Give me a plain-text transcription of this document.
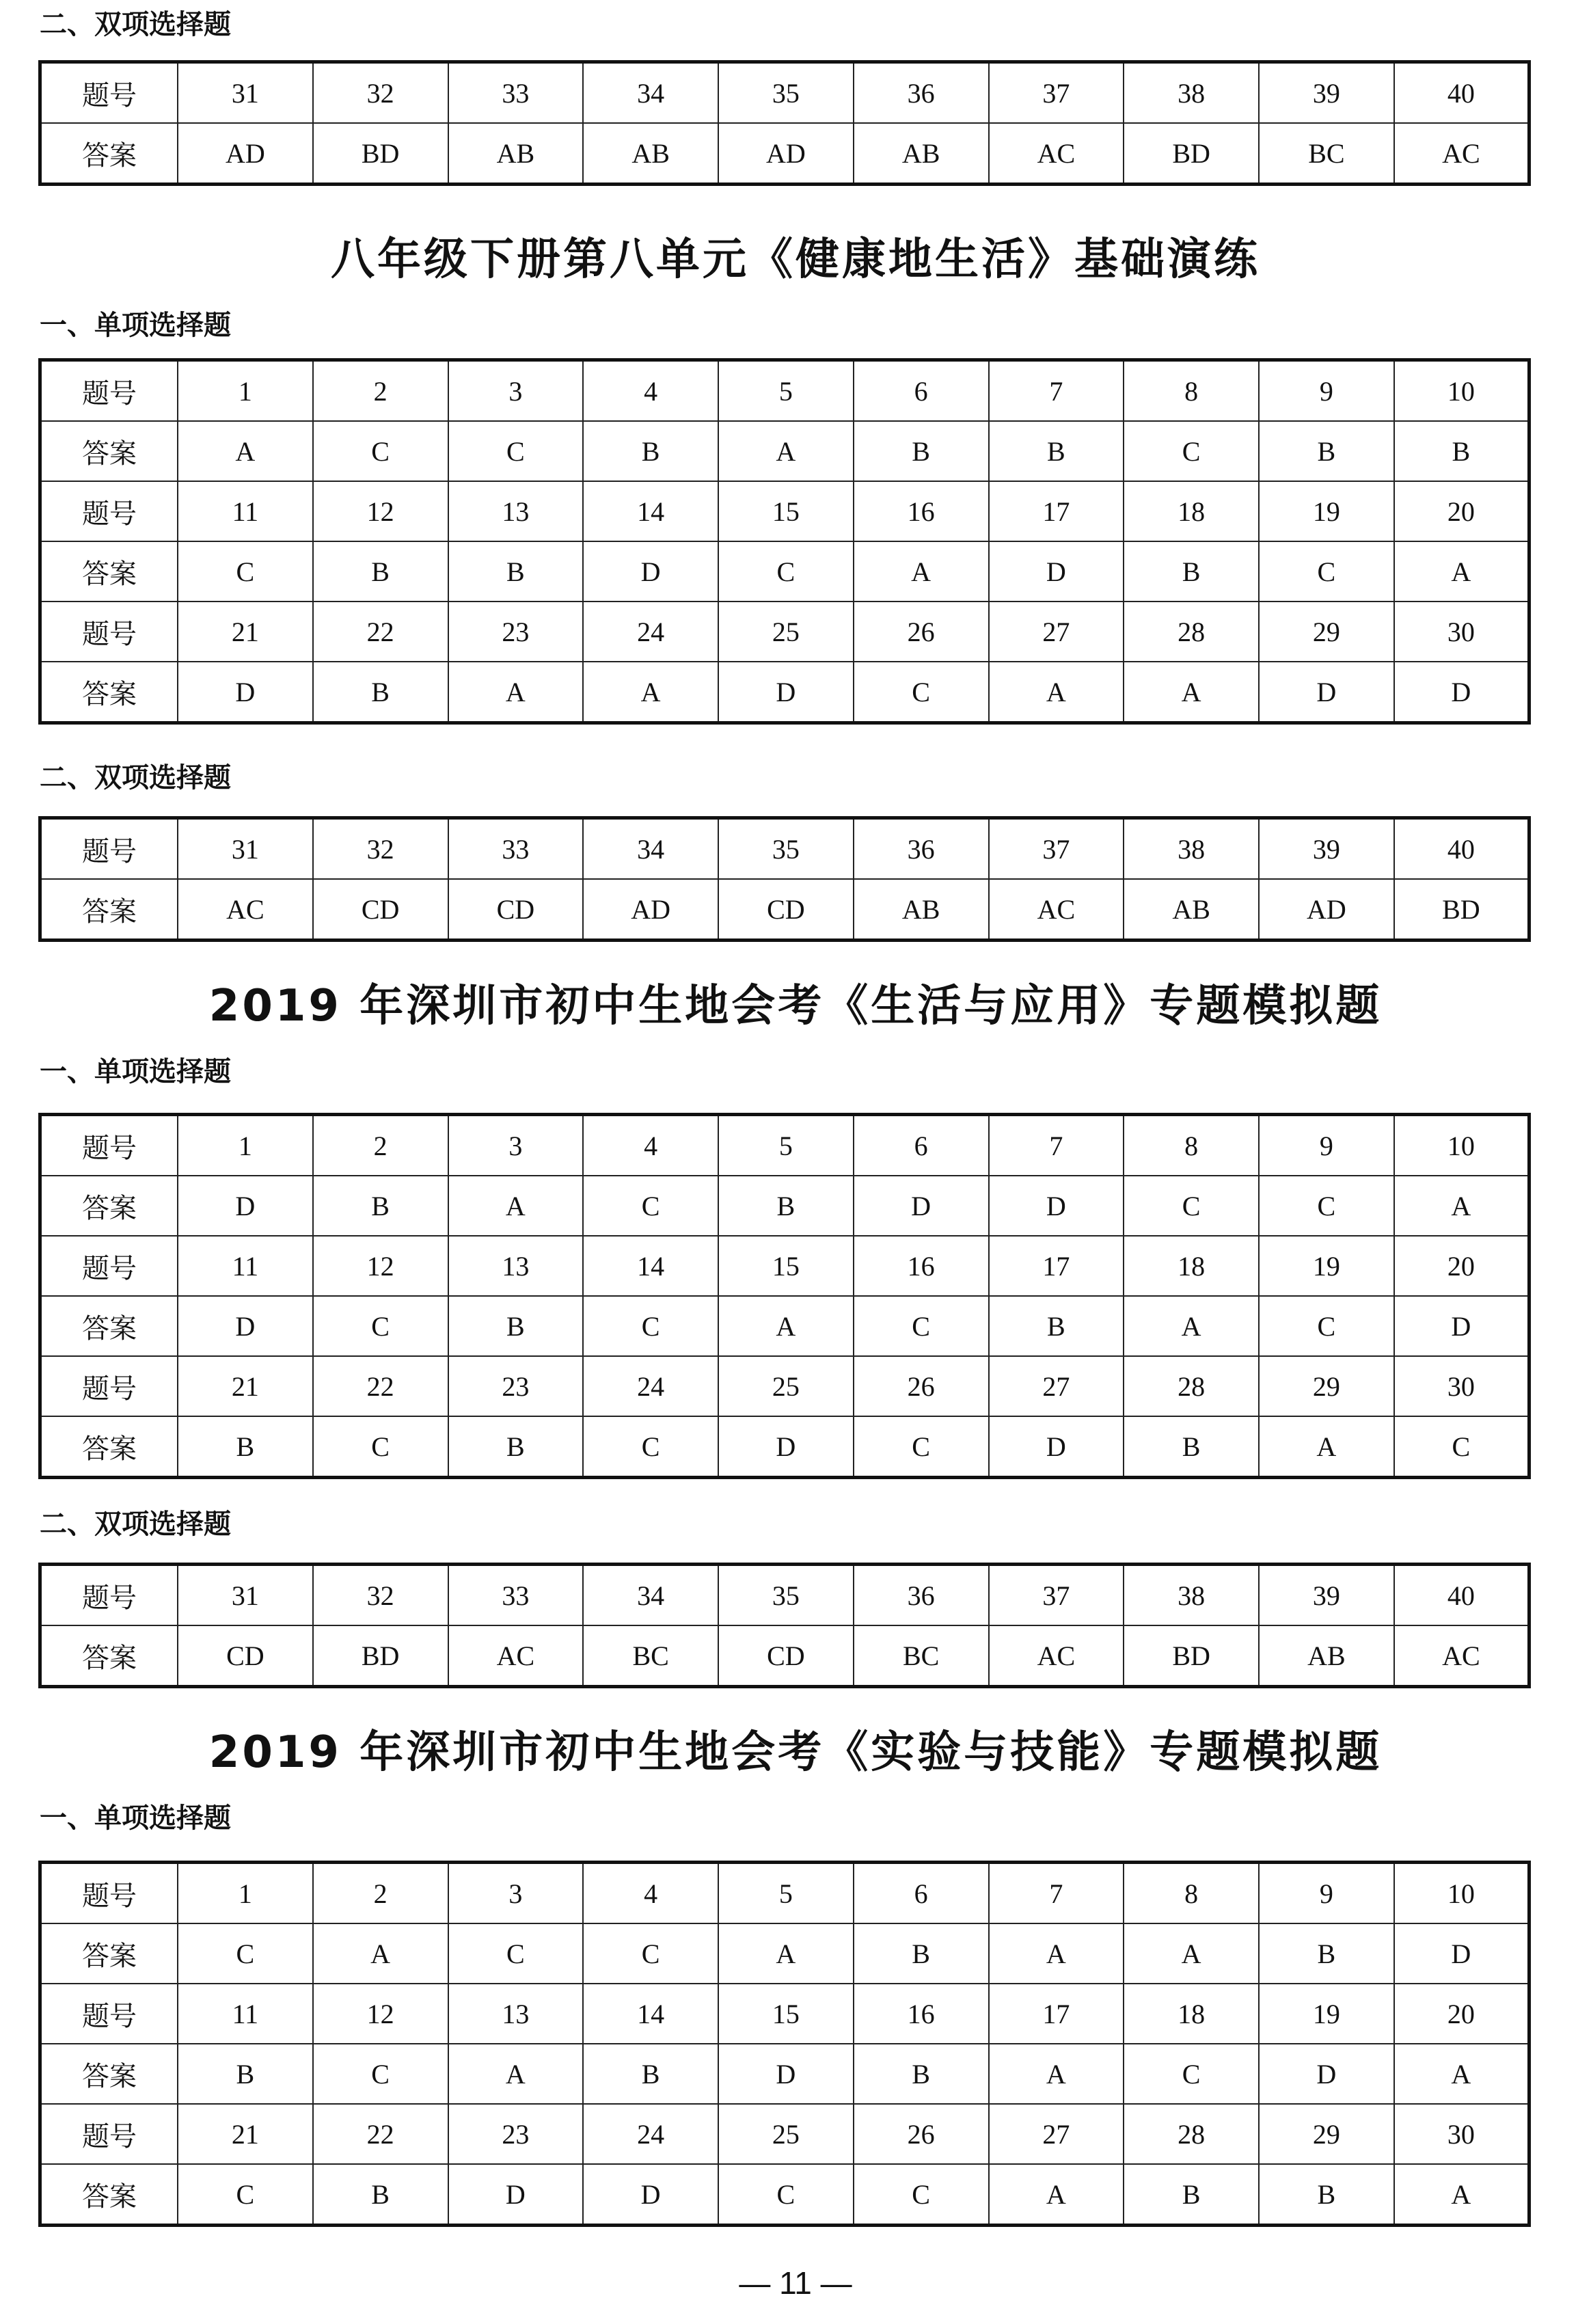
二、双项选择题
题号	31	32	33	34	35	36	37	38	39	40
答案	AD	BD	AB	AB	AD	AB	AC	BD	BC	AC
八年级下册第八单元《健康地生活》基础演练
一、单项选择题
题号	1	2	3	4	5	6	7	8	9	10
答案	A	C	C	B	A	B	B	C	B	B
题号	11	12	13	14	15	16	17	18	19	20
答案	C	B	B	D	C	A	D	B	C	A
题号	21	22	23	24	25	26	27	28	29	30
答案	D	B	A	A	D	C	A	A	D	D
二、双项选择题
题号	31	32	33	34	35	36	37	38	39	40
答案	AC	CD	CD	AD	CD	AB	AC	AB	AD	BD
2019 年深圳市初中生地会考《生活与应用》专题模拟题
一、单项选择题
题号	1	2	3	4	5	6	7	8	9	10
答案	D	B	A	C	B	D	D	C	C	A
题号	11	12	13	14	15	16	17	18	19	20
答案	D	C	B	C	A	C	B	A	C	D
题号	21	22	23	24	25	26	27	28	29	30
答案	B	C	B	C	D	C	D	B	A	C
二、双项选择题
题号	31	32	33	34	35	36	37	38	39	40
答案	CD	BD	AC	BC	CD	BC	AC	BD	AB	AC
2019 年深圳市初中生地会考《实验与技能》专题模拟题
一、单项选择题
题号	1	2	3	4	5	6	7	8	9	10
答案	C	A	C	C	A	B	A	A	B	D
题号	11	12	13	14	15	16	17	18	19	20
答案	B	C	A	B	D	B	A	C	D	A
题号	21	22	23	24	25	26	27	28	29	30
答案	C	B	D	D	C	C	A	B	B	A
— 11 —
